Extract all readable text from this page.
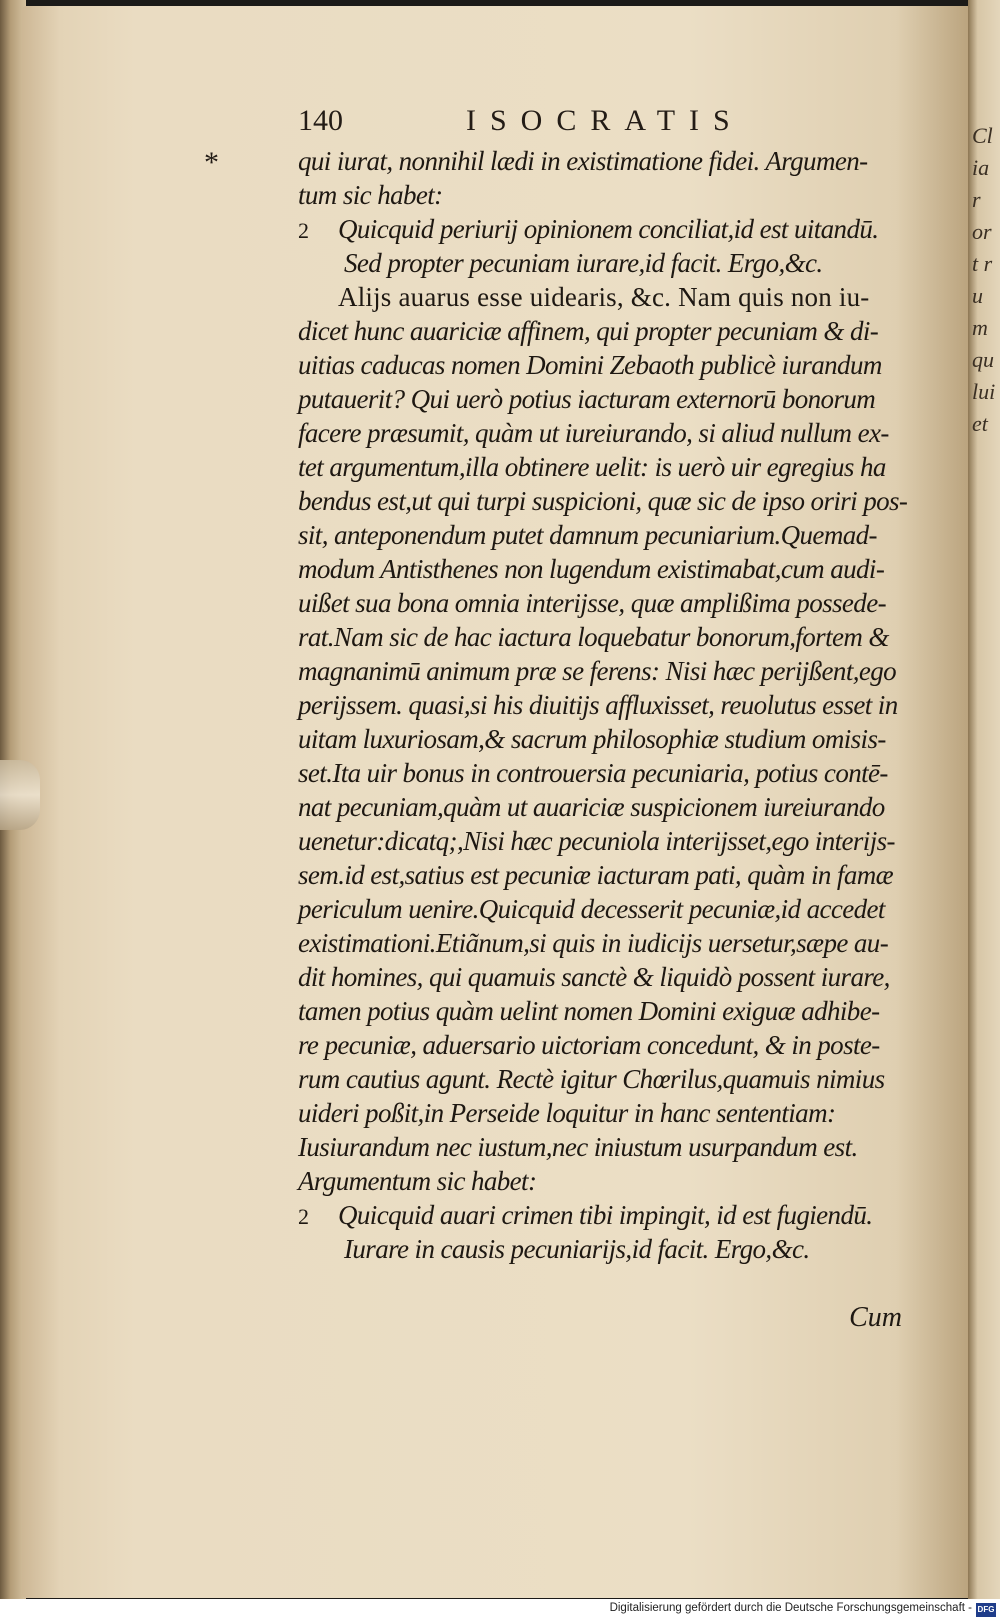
Cl iar ort rum qu lui et
140	ISOCRATIS
*	qui iurat, nonnihil lædi in existimatione fidei. Argumen-
tum sic habet:
2 Quicquid periurij opinionem conciliat,id est uitandū.
Sed propter pecuniam iurare,id facit. Ergo,&c.
Alijs auarus esse uidearis, &c. Nam quis non iu-
dicet hunc auariciæ affinem, qui propter pecuniam & di-
uitias caducas nomen Domini Zebaoth publicè iurandum
putauerit? Qui uerò potius iacturam externorū bonorum
facere præsumit, quàm ut iureiurando, si aliud nullum ex-
tet argumentum,illa obtinere uelit: is uerò uir egregius ha
bendus est,ut qui turpi suspicioni, quæ sic de ipso oriri pos-
sit, anteponendum putet damnum pecuniarium.Quemad-
modum Antisthenes non lugendum existimabat,cum audi-
uißet sua bona omnia interijsse, quæ amplißima possede-
rat.Nam sic de hac iactura loquebatur bonorum,fortem &
magnanimū animum præ se ferens: Nisi hæc perijßent,ego
perijssem. quasi,si his diuitijs affluxisset, reuolutus esset in
uitam luxuriosam,& sacrum philosophiæ studium omisis-
set.Ita uir bonus in controuersia pecuniaria, potius contē-
nat pecuniam,quàm ut auariciæ suspicionem iureiurando
uenetur:dicatq;,Nisi hæc pecuniola interijsset,ego interijs-
sem.id est,satius est pecuniæ iacturam pati, quàm in famæ
periculum uenire.Quicquid decesserit pecuniæ,id accedet
existimationi.Etiãnum,si quis in iudicijs uersetur,sæpe au-
dit homines, qui quamuis sanctè & liquidò possent iurare,
tamen potius quàm uelint nomen Domini exiguæ adhibe-
re pecuniæ, aduersario uictoriam concedunt, & in poste-
rum cautius agunt. Rectè igitur Chœrilus,quamuis nimius
uideri poßit,in Perseide loquitur in hanc sententiam:
Iusiurandum nec iustum,nec iniustum usurpandum est.
Argumentum sic habet:
2 Quicquid auari crimen tibi impingit, id est fugiendū.
Iurare in causis pecuniarijs,id facit. Ergo,&c.
Cum
Digitalisierung gefördert durch die Deutsche Forschungsgemeinschaft - DFG
